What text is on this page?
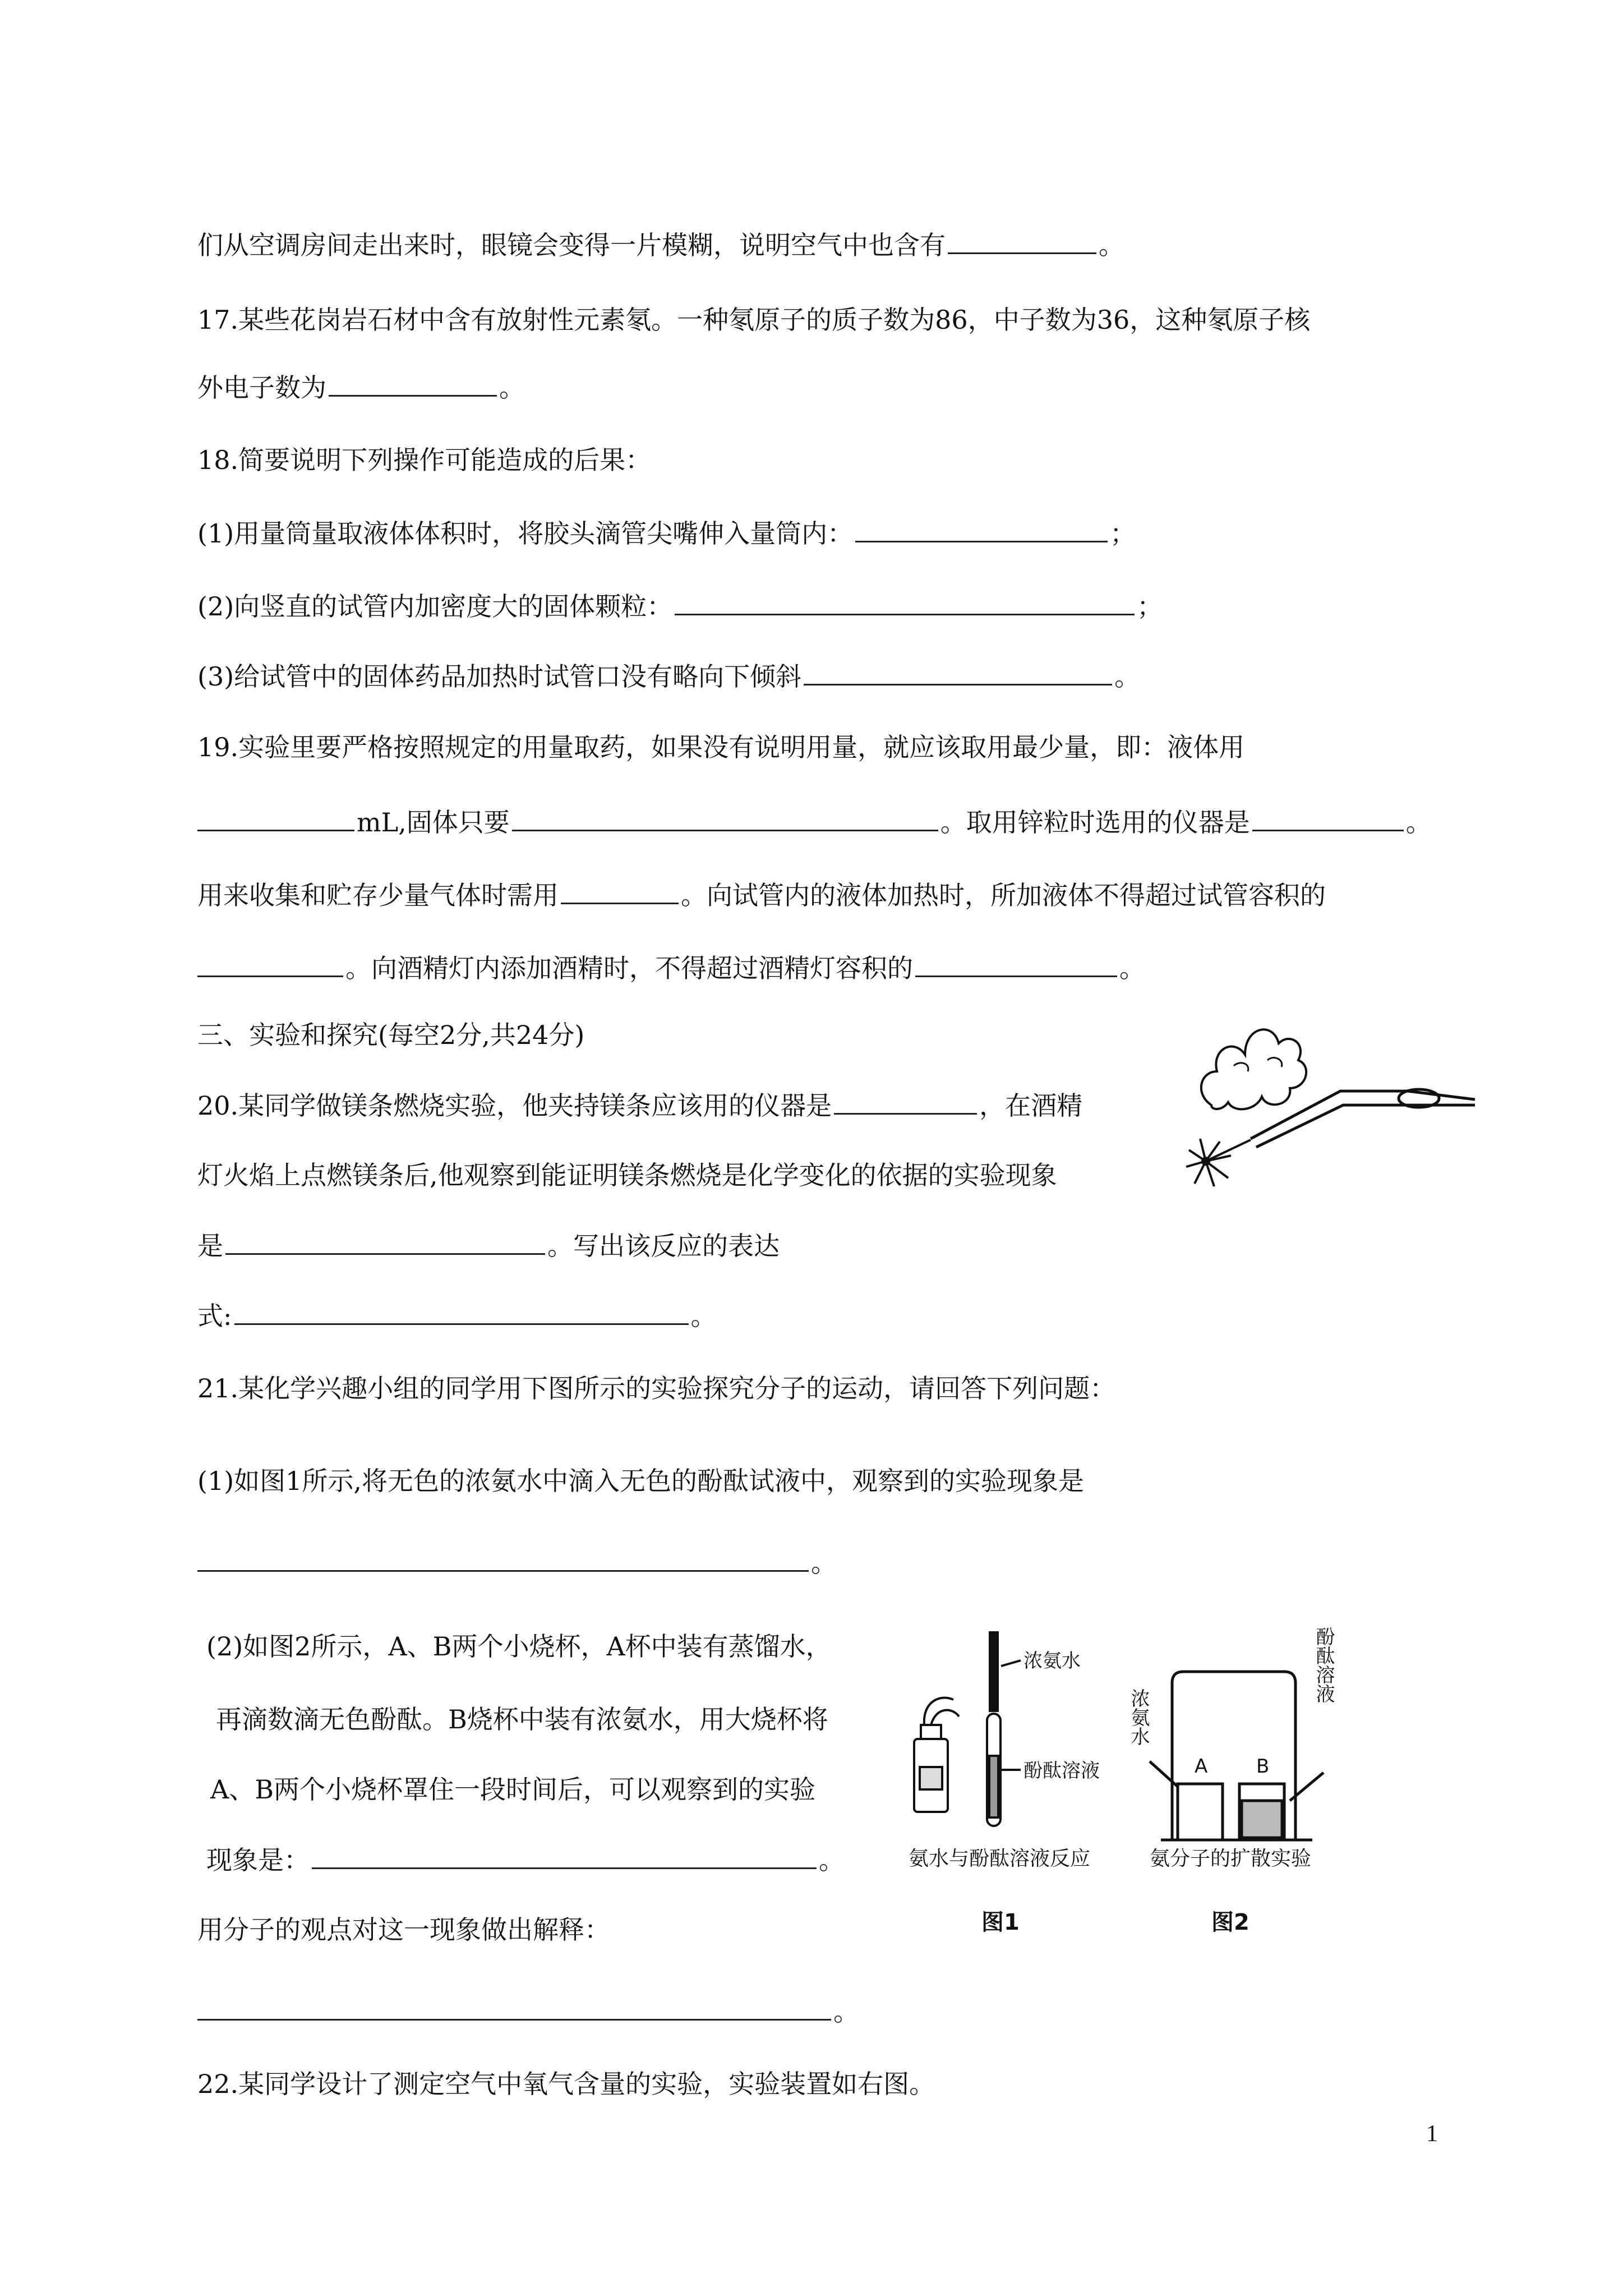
们从空调房间走出来时，眼镜会变得一片模糊，说明空气中也含有	。
17.某些花岗岩石材中含有放射性元素氡。一种氡原子的质子数为86，中子数为36，这种氡原子核
外电子数为	。
18.简要说明下列操作可能造成的后果：
(1)用量筒量取液体体积时，将胶头滴管尖嘴伸入量筒内：	；
(2)向竖直的试管内加密度大的固体颗粒：	；
(3)给试管中的固体药品加热时试管口没有略向下倾斜	。
19.实验里要严格按照规定的用量取药，如果没有说明用量，就应该取用最少量，即：液体用
mL,固体只要	。取用锌粒时选用的仪器是	。
用来收集和贮存少量气体时需用	。向试管内的液体加热时，所加液体不得超过试管容积的
。向酒精灯内添加酒精时，不得超过酒精灯容积的	。
三、实验和探究(每空2分,共24分)
20.某同学做镁条燃烧实验，他夹持镁条应该用的仪器是	，在酒精
灯火焰上点燃镁条后,他观察到能证明镁条燃烧是化学变化的依据的实验现象
是	。写出该反应的表达
式:	。
21.某化学兴趣小组的同学用下图所示的实验探究分子的运动，请回答下列问题：
(1)如图1所示,将无色的浓氨水中滴入无色的酚酞试液中，观察到的实验现象是
。
(2)如图2所示，A、B两个小烧杯，A杯中装有蒸馏水，
再滴数滴无色酚酞。B烧杯中装有浓氨水，用大烧杯将
A、B两个小烧杯罩住一段时间后，可以观察到的实验
现象是：	。
用分子的观点对这一现象做出解释：
。
22.某同学设计了测定空气中氧气含量的实验，实验装置如右图。
浓氨水
酚酞溶液
氨水与酚酞溶液反应
图1
A	B
浓氨水
酚酞溶液
氨分子的扩散实验
图2
1
